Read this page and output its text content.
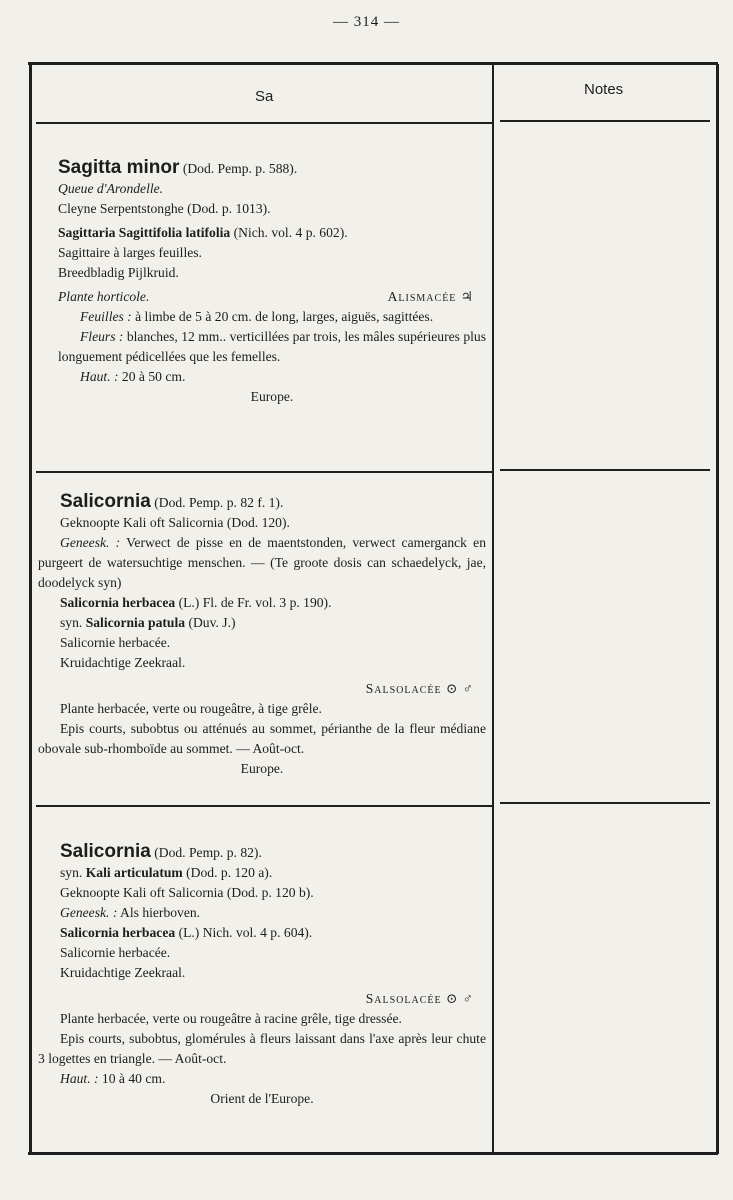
— 314 —
Sa	Notes

Sagitta minor (Dod. Pemp. p. 588).

Queue d'Arondelle.

Cleyne Serpentstonghe (Dod. p. 1013).

Sagittaria Sagittifolia latifolia (Nich. vol. 4 p. 602).

Sagittaire à larges feuilles.

Breedbladig Pijlkruid.

Plante horticole.	Alismacée ♃

Feuilles : à limbe de 5 à 20 cm. de long, larges, aiguës, sagittées.

Fleurs : blanches, 12 mm.. verticillées par trois, les mâles supérieures plus longuement pédicellées que les femelles.

Haut. : 20 à 50 cm.

Europe.

Salicornia (Dod. Pemp. p. 82 f. 1).

Geknoopte Kali oft Salicornia (Dod. 120).

Geneesk. : Verwect de pisse en de maentstonden, verwect camerganck en purgeert de watersuchtige menschen. — (Te groote dosis can schaedelyck, jae, doodelyck syn)

Salicornia herbacea (L.) Fl. de Fr. vol. 3 p. 190).

syn. Salicornia patula (Duv. J.)

Salicornie herbacée.

Kruidachtige Zeekraal.

Salsolacée ⊙ ♂

Plante herbacée, verte ou rougeâtre, à tige grêle.

Epis courts, subobtus ou atténués au sommet, périanthe de la fleur médiane obovale sub-rhomboïde au sommet. — Août-oct.

Europe.

Salicornia (Dod. Pemp. p. 82).

syn. Kali articulatum (Dod. p. 120 a).

Geknoopte Kali oft Salicornia (Dod. p. 120 b).

Geneesk. : Als hierboven.

Salicornia herbacea (L.) Nich. vol. 4 p. 604).

Salicornie herbacée.

Kruidachtige Zeekraal.

Salsolacée ⊙ ♂

Plante herbacée, verte ou rougeâtre à racine grêle, tige dressée.

Epis courts, subobtus, glomérules à fleurs laissant dans l'axe après leur chute 3 logettes en triangle. — Août-oct.

Haut. : 10 à 40 cm.

Orient de l'Europe.
